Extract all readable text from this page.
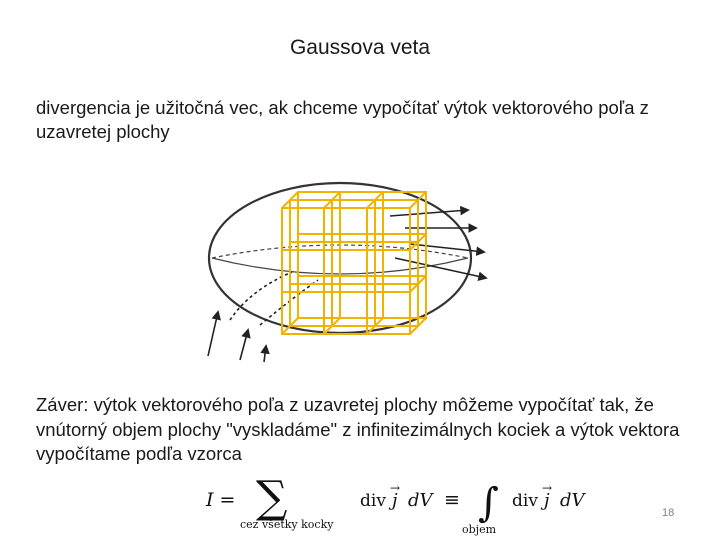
Gaussova veta
divergencia je užitočná vec, ak chceme vypočítať výtok vektorového poľa z uzavretej plochy
Záver: výtok vektorového poľa z uzavretej plochy môžeme vypočítať tak, že vnútorný objem plochy "vyskladáme" z infinitezimálnych kociek a výtok vektora vypočítame podľa vzorca
I = ∑
cez všetky kocky
div j
→
dV ≡ ∫
objem
div j
→
dV
18
